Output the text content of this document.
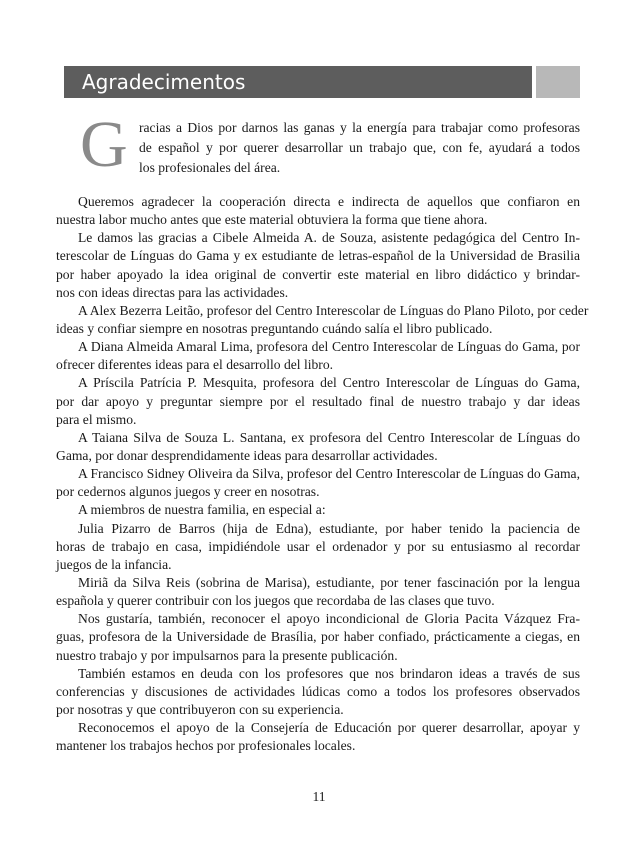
Agradecimentos
G racias a Dios por darnos las ganas y la energía para trabajar como profesoras
de español y por querer desarrollar un trabajo que, con fe, ayudará a todos
los profesionales del área.
Queremos agradecer la cooperación directa e indirecta de aquellos que confiaron en
nuestra labor mucho antes que este material obtuviera la forma que tiene ahora.
Le damos las gracias a Cibele Almeida A. de Souza, asistente pedagógica del Centro In-
terescolar de Línguas do Gama y ex estudiante de letras-español de la Universidad de Brasilia
por haber apoyado la idea original de convertir este material en libro didáctico y brindar-
nos con ideas directas para las actividades.
A Alex Bezerra Leitão, profesor del Centro Interescolar de Línguas do Plano Piloto, por ceder
ideas y confiar siempre en nosotras preguntando cuándo salía el libro publicado.
A Diana Almeida Amaral Lima, profesora del Centro Interescolar de Línguas do Gama, por
ofrecer diferentes ideas para el desarrollo del libro.
A Príscila Patrícia P. Mesquita, profesora del Centro Interescolar de Línguas do Gama,
por dar apoyo y preguntar siempre por el resultado final de nuestro trabajo y dar ideas
para el mismo.
A Taiana Silva de Souza L. Santana, ex profesora del Centro Interescolar de Línguas do
Gama, por donar desprendidamente ideas para desarrollar actividades.
A Francisco Sidney Oliveira da Silva, profesor del Centro Interescolar de Línguas do Gama,
por cedernos algunos juegos y creer en nosotras.
A miembros de nuestra familia, en especial a:
Julia Pizarro de Barros (hija de Edna), estudiante, por haber tenido la paciencia de
horas de trabajo en casa, impidiéndole usar el ordenador y por su entusiasmo al recordar
juegos de la infancia.
Miriã da Silva Reis (sobrina de Marisa), estudiante, por tener fascinación por la lengua
española y querer contribuir con los juegos que recordaba de las clases que tuvo.
Nos gustaría, también, reconocer el apoyo incondicional de Gloria Pacita Vázquez Fra-
guas, profesora de la Universidade de Brasília, por haber confiado, prácticamente a ciegas, en
nuestro trabajo y por impulsarnos para la presente publicación.
También estamos en deuda con los profesores que nos brindaron ideas a través de sus
conferencias y discusiones de actividades lúdicas como a todos los profesores observados
por nosotras y que contribuyeron con su experiencia.
Reconocemos el apoyo de la Consejería de Educación por querer desarrollar, apoyar y
mantener los trabajos hechos por profesionales locales.
11
